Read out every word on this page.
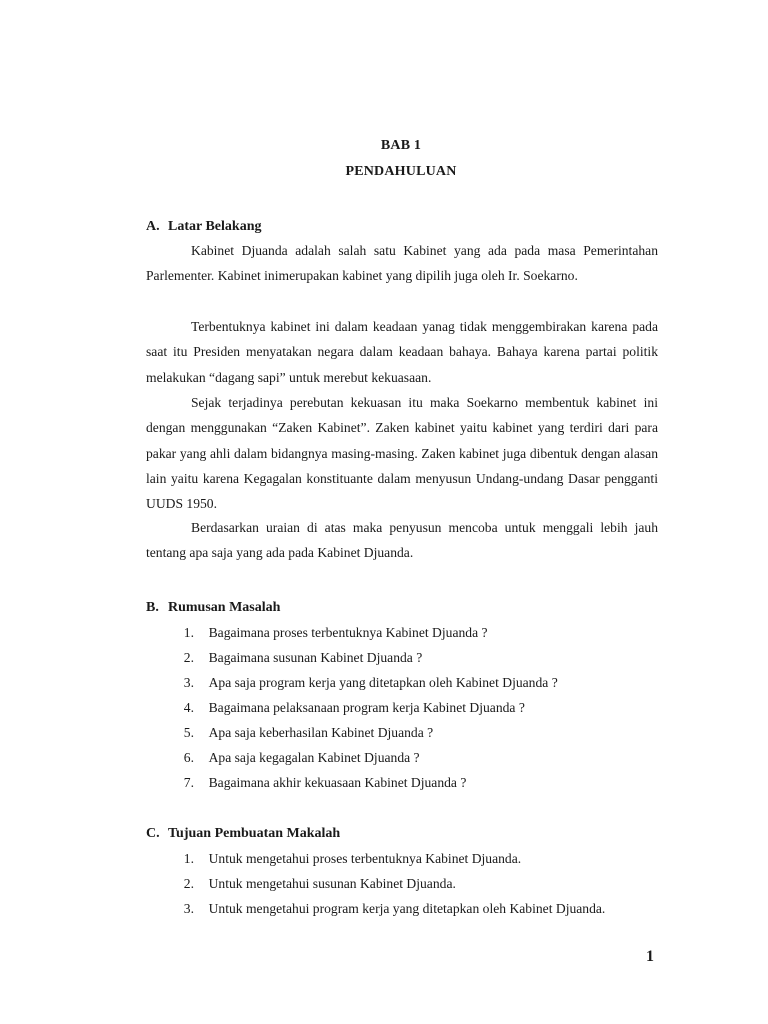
BAB 1
PENDAHULUAN
A. Latar Belakang

Kabinet Djuanda adalah salah satu Kabinet yang ada pada masa Pemerintahan Parlementer. Kabinet inimerupakan kabinet yang dipilih juga oleh Ir. Soekarno.

Terbentuknya kabinet ini dalam keadaan yanag tidak menggembirakan karena pada saat itu Presiden menyatakan negara dalam keadaan bahaya. Bahaya karena partai politik melakukan “dagang sapi” untuk merebut kekuasaan.

Sejak terjadinya perebutan kekuasan itu maka Soekarno membentuk kabinet ini dengan menggunakan “Zaken Kabinet”. Zaken kabinet yaitu kabinet yang terdiri dari para pakar yang ahli dalam bidangnya masing-masing. Zaken kabinet juga dibentuk dengan alasan lain yaitu karena Kegagalan konstituante dalam menyusun Undang-undang Dasar pengganti UUDS 1950.

Berdasarkan uraian di atas maka penyusun mencoba untuk menggali lebih jauh tentang apa saja yang ada pada Kabinet Djuanda.

B. Rumusan Masalah
1. Bagaimana proses terbentuknya Kabinet Djuanda ?
2. Bagaimana susunan Kabinet Djuanda ?
3. Apa saja program kerja yang ditetapkan oleh Kabinet Djuanda ?
4. Bagaimana pelaksanaan program kerja Kabinet Djuanda ?
5. Apa saja keberhasilan Kabinet Djuanda ?
6. Apa saja kegagalan Kabinet Djuanda ?
7. Bagaimana akhir kekuasaan Kabinet Djuanda ?
C. Tujuan Pembuatan Makalah
1. Untuk mengetahui proses terbentuknya Kabinet Djuanda.
2. Untuk mengetahui susunan Kabinet Djuanda.
3. Untuk mengetahui program kerja yang ditetapkan oleh Kabinet Djuanda.
1
